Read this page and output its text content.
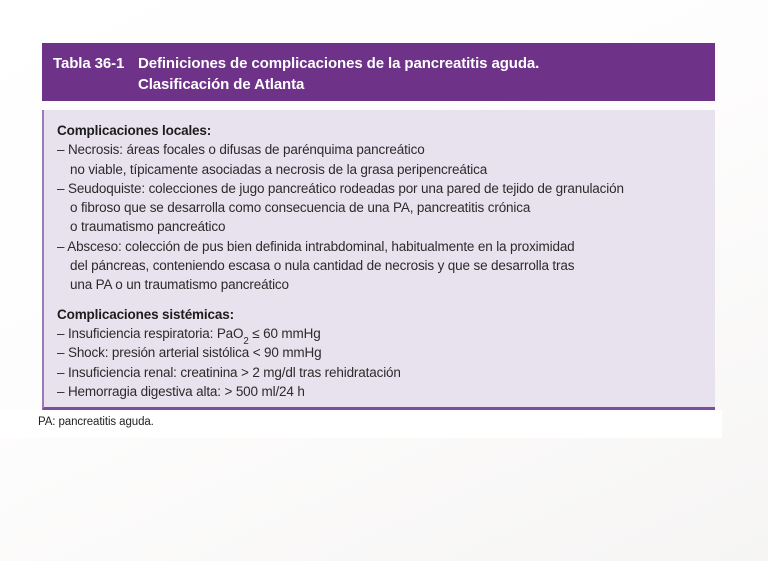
Tabla 36-1 Definiciones de complicaciones de la pancreatitis aguda.
Clasificación de Atlanta
Complicaciones locales:
– Necrosis: áreas focales o difusas de parénquima pancreático
no viable, típicamente asociadas a necrosis de la grasa peripencreática
– Seudoquiste: colecciones de jugo pancreático rodeadas por una pared de tejido de granulación
o fibroso que se desarrolla como consecuencia de una PA, pancreatitis crónica
o traumatismo pancreático
– Absceso: colección de pus bien definida intrabdominal, habitualmente en la proximidad
del páncreas, conteniendo escasa o nula cantidad de necrosis y que se desarrolla tras
una PA o un traumatismo pancreático
Complicaciones sistémicas:
– Insuficiencia respiratoria: PaO$_2$ ≤ 60 mmHg
– Shock: presión arterial sistólica < 90 mmHg
– Insuficiencia renal: creatinina > 2 mg/dl tras rehidratación
– Hemorragia digestiva alta: > 500 ml/24 h
PA: pancreatitis aguda.
